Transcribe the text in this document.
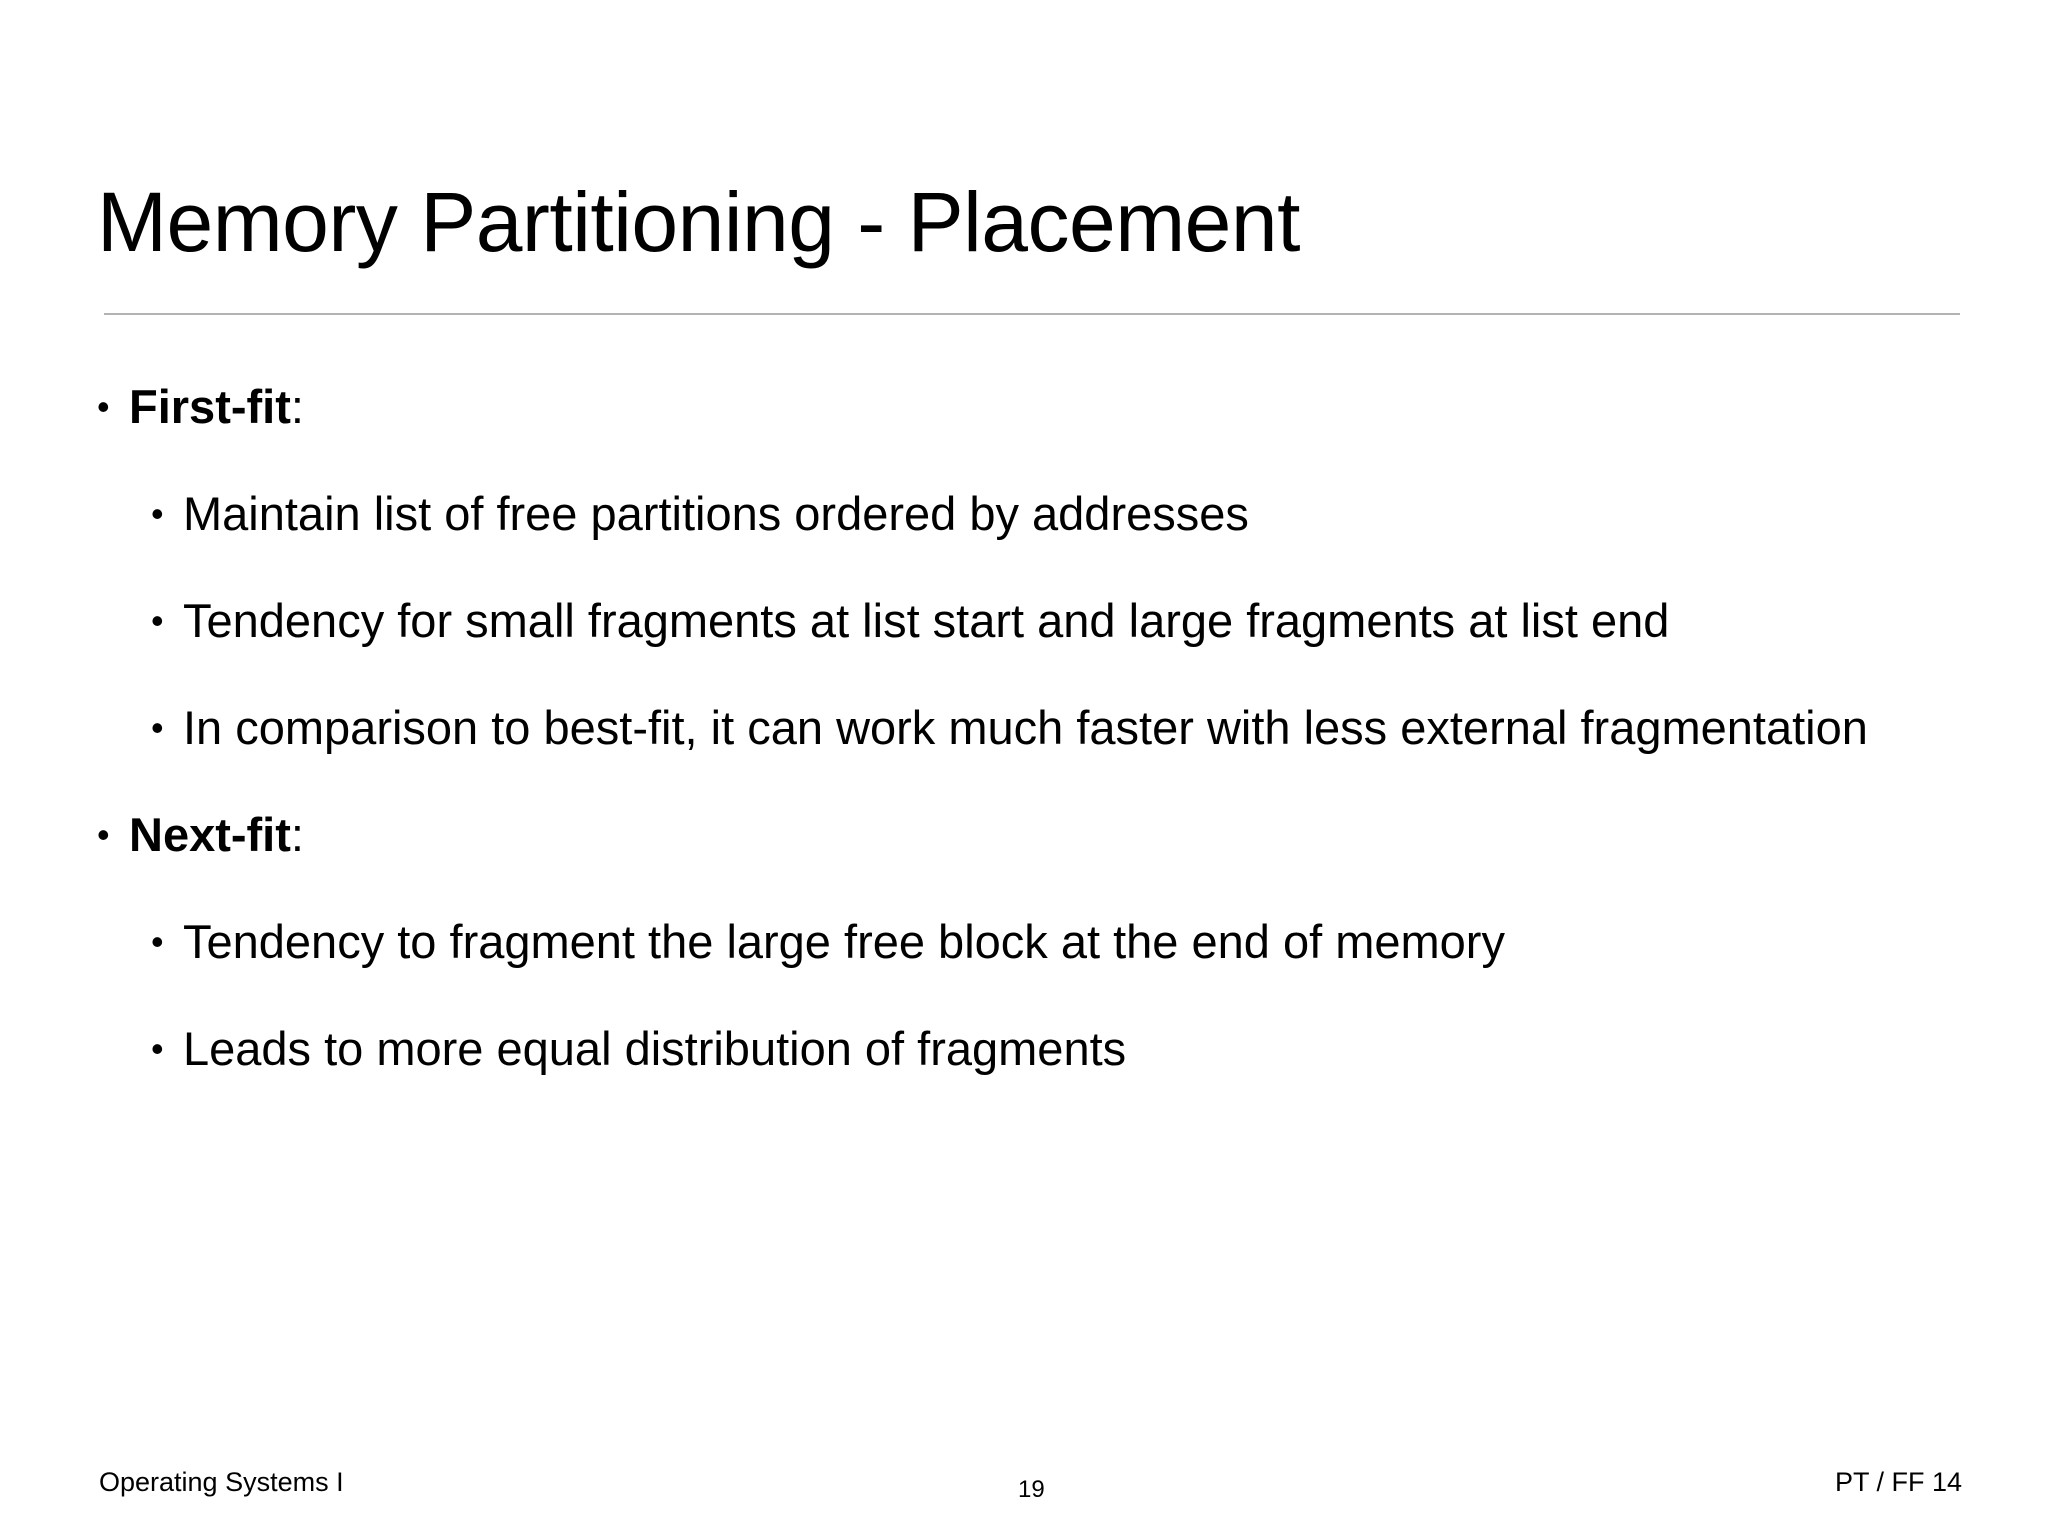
Memory Partitioning - Placement
• First-fit:
• Maintain list of free partitions ordered by addresses
• Tendency for small fragments at list start and large fragments at list end
• In comparison to best-fit, it can work much faster with less external fragmentation
• Next-fit:
• Tendency to fragment the large free block at the end of memory
• Leads to more equal distribution of fragments
Operating Systems I	19	PT / FF 14
